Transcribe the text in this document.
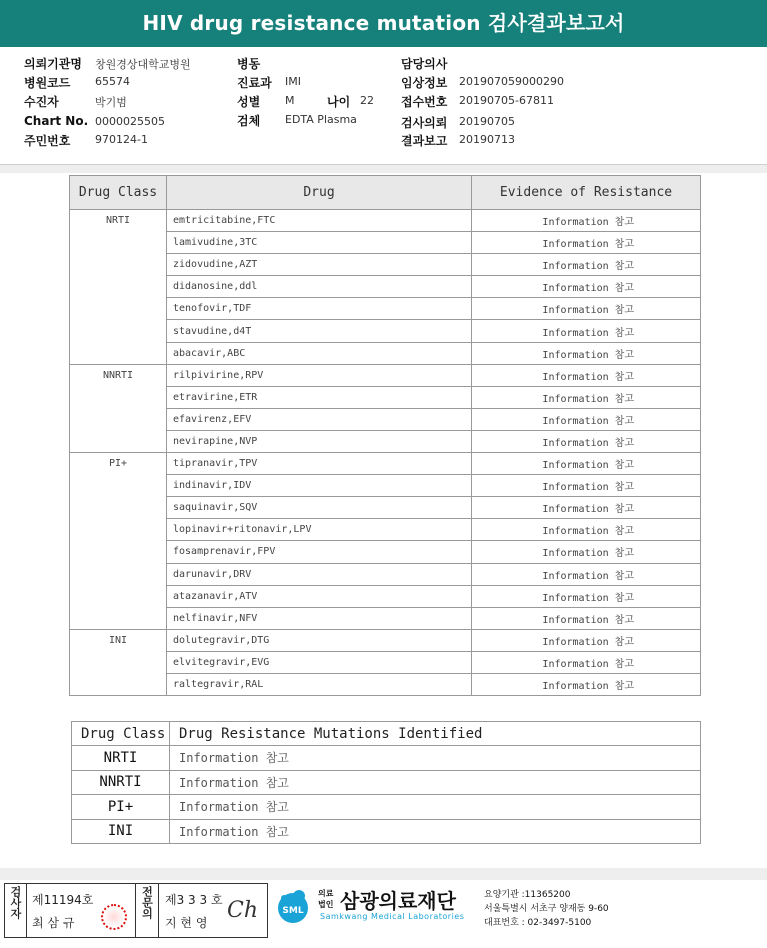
HIV drug resistance mutation 검사결과보고서
의뢰기관명 창원경상대학교병원
병원코드 65574
수진자	박기범
Chart No. 0000025505
주민번호 970124-1
병동
진료과 IMI
성별 M	나이 22
검체 EDTA Plasma
담당의사
임상정보 201907059000290
접수번호 20190705-67811
검사의뢰 20190705
결과보고 20190713
Drug Class	Drug	Evidence of Resistance
NRTI	emtricitabine,FTC	Information 참고
	lamivudine,3TC	Information 참고
	zidovudine,AZT	Information 참고
	didanosine,ddl	Information 참고
	tenofovir,TDF	Information 참고
	stavudine,d4T	Information 참고
	abacavir,ABC	Information 참고
NNRTI	rilpivirine,RPV	Information 참고
	etravirine,ETR	Information 참고
	efavirenz,EFV	Information 참고
	nevirapine,NVP	Information 참고
PI+	tipranavir,TPV	Information 참고
	indinavir,IDV	Information 참고
	saquinavir,SQV	Information 참고
	lopinavir+ritonavir,LPV	Information 참고
	fosamprenavir,FPV	Information 참고
	darunavir,DRV	Information 참고
	atazanavir,ATV	Information 참고
	nelfinavir,NFV	Information 참고
INI	dolutegravir,DTG	Information 참고
	elvitegravir,EVG	Information 참고
	raltegravir,RAL	Information 참고
Drug Class	Drug Resistance Mutations Identified
NRTI	Information 참고
NNRTI	Information 참고
PI+	Information 참고
INI	Information 참고
검사자 제11194호
최 삼 규
전문의 제3 3 3 호
지 현 영 Ch	SML
의료
법인 삼광의료재단
Samkwang Medical Laboratories
요양기관 :11365200
서울특별시 서초구 양재동 9-60
대표번호 : 02-3497-5100
